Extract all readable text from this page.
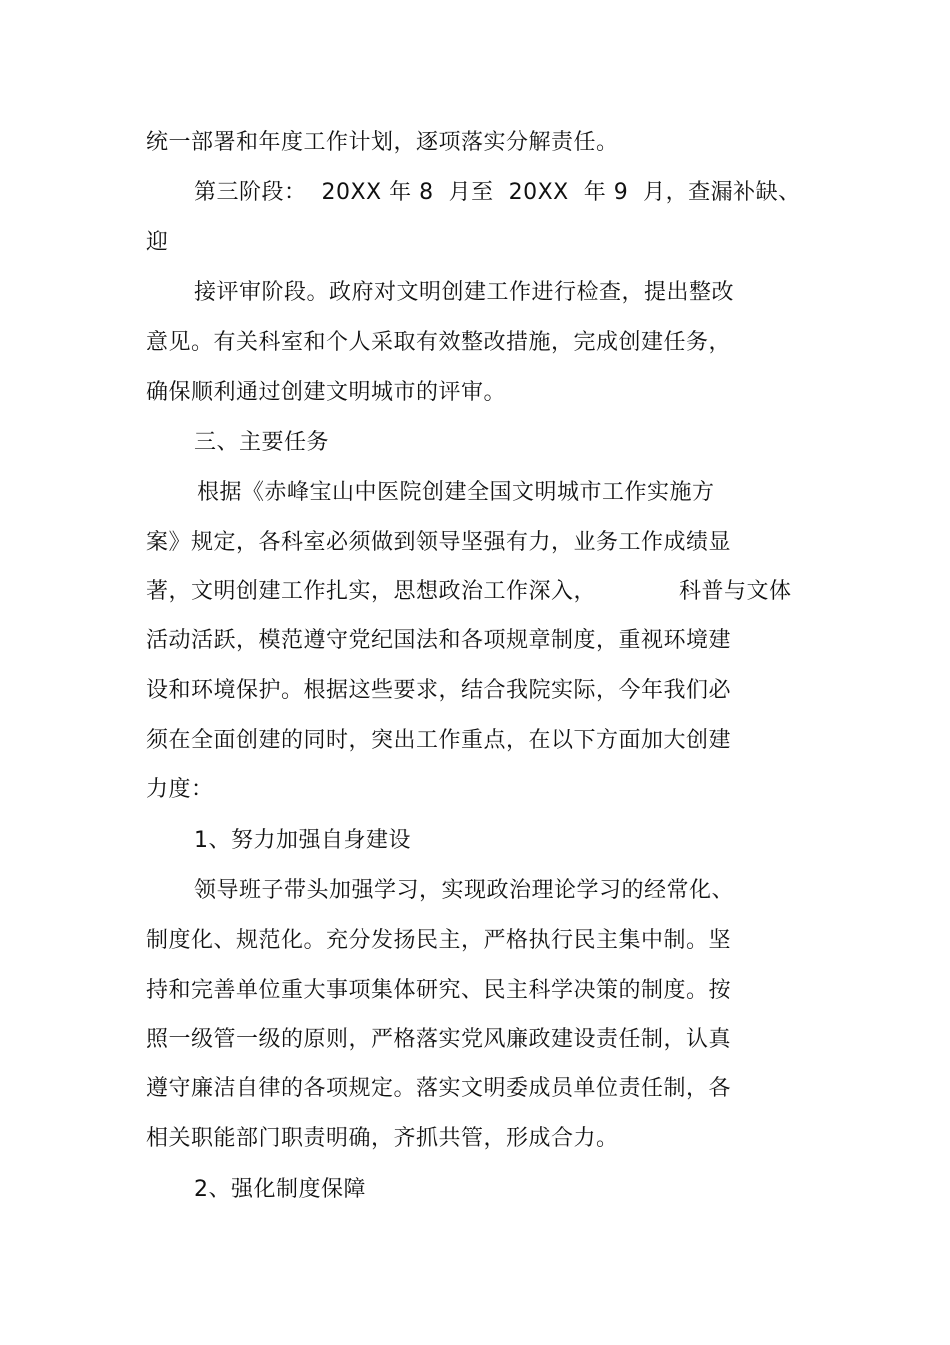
统一部署和年度工作计划，逐项落实分解责任。
第三阶段：  20XX 年 8  月至  20XX  年 9  月，查漏补缺、
迎
接评审阶段。政府对文明创建工作进行检查，提出整改
意见。有关科室和个人采取有效整改措施，完成创建任务，
确保顺利通过创建文明城市的评审。
三、主要任务
根据《赤峰宝山中医院创建全国文明城市工作实施方
案》规定，各科室必须做到领导坚强有力，业务工作成绩显
著，文明创建工作扎实，思想政治工作深入，	科普与文体
活动活跃，模范遵守党纪国法和各项规章制度，重视环境建
设和环境保护。根据这些要求，结合我院实际，今年我们必
须在全面创建的同时，突出工作重点，在以下方面加大创建
力度：
1、努力加强自身建设
领导班子带头加强学习，实现政治理论学习的经常化、
制度化、规范化。充分发扬民主，严格执行民主集中制。坚
持和完善单位重大事项集体研究、民主科学决策的制度。按
照一级管一级的原则，严格落实党风廉政建设责任制，认真
遵守廉洁自律的各项规定。落实文明委成员单位责任制，各
相关职能部门职责明确，齐抓共管，形成合力。
2、强化制度保障
